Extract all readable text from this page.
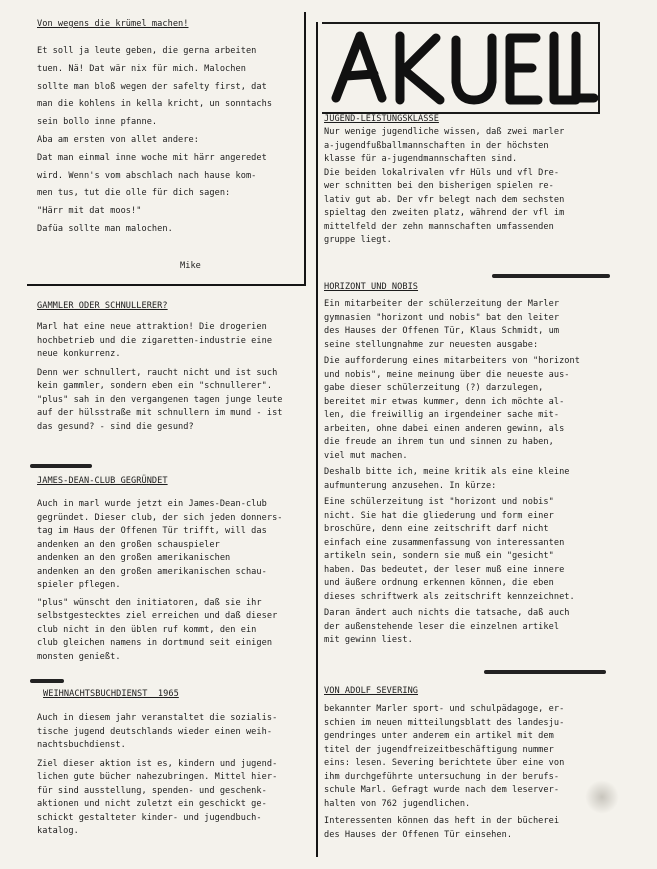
Von wegens die krümel machen!
Et soll ja leute geben, die gerna arbeiten
tuen. Nä! Dat wär nix für mich. Malochen
sollte man bloß wegen der safelty first, dat
man die kohlens in kella kricht, un sonntachs
sein bollo inne pfanne.
Aba am ersten von allet andere:
Dat man einmal inne woche mit härr angeredet
wird. Wenn's vom abschlach nach hause kom-
men tus, tut die olle für dich sagen:
"Härr mit dat moos!"
Dafüa sollte man malochen.
Mike
GAMMLER ODER SCHNULLERER?
Marl hat eine neue attraktion! Die drogerien
hochbetrieb und die zigaretten-industrie eine
neue konkurrenz.
Denn wer schnullert, raucht nicht und ist such
kein gammler, sondern eben ein "schnullerer".
"plus" sah in den vergangenen tagen junge leute
auf der hülsstraße mit schnullern im mund - ist
das gesund? - sind die gesund?
JAMES-DEAN-CLUB GEGRÜNDET
Auch in marl wurde jetzt ein James-Dean-club
gegründet. Dieser club, der sich jeden donners-
tag im Haus der Offenen Tür trifft, will das
andenken an den großen schauspieler
andenken an den großen amerikanischen
andenken an den großen amerikanischen schau-
spieler pflegen.
"plus" wünscht den initiatoren, daß sie ihr
selbstgestecktes ziel erreichen und daß dieser
club nicht in den üblen ruf kommt, den ein
club gleichen namens in dortmund seit einigen
monsten genießt.
WEIHNACHTSBUCHDIENST  1965
Auch in diesem jahr veranstaltet die sozialis-
tische jugend deutschlands wieder einen weih-
nachtsbuchdienst.
Ziel dieser aktion ist es, kindern und jugend-
lichen gute bücher nahezubringen. Mittel hier-
für sind ausstellung, spenden- und geschenk-
aktionen und nicht zuletzt ein geschickt ge-
schickt gestalteter kinder- und jugendbuch-
katalog.
JUGEND-LEISTUNGSKLASSE
Nur wenige jugendliche wissen, daß zwei marler
a-jugendfußballmannschaften in der höchsten
klasse für a-jugendmannschaften sind.
Die beiden lokalrivalen vfr Hüls und vfl Dre-
wer schnitten bei den bisherigen spielen re-
lativ gut ab. Der vfr belegt nach dem sechsten
spieltag den zweiten platz, während der vfl im
mittelfeld der zehn mannschaften umfassenden
gruppe liegt.
HORIZONT UND NOBIS
Ein mitarbeiter der schülerzeitung der Marler
gymnasien "horizont und nobis" bat den leiter
des Hauses der Offenen Tür, Klaus Schmidt, um
seine stellungnahme zur neuesten ausgabe:
Die aufforderung eines mitarbeiters von "horizont
und nobis", meine meinung über die neueste aus-
gabe dieser schülerzeitung (?) darzulegen,
bereitet mir etwas kummer, denn ich möchte al-
len, die freiwillig an irgendeiner sache mit-
arbeiten, ohne dabei einen anderen gewinn, als
die freude an ihrem tun und sinnen zu haben,
viel mut machen.
Deshalb bitte ich, meine kritik als eine kleine
aufmunterung anzusehen. In kürze:
Eine schülerzeitung ist "horizont und nobis"
nicht. Sie hat die gliederung und form einer
broschüre, denn eine zeitschrift darf nicht
einfach eine zusammenfassung von interessanten
artikeln sein, sondern sie muß ein "gesicht"
haben. Das bedeutet, der leser muß eine innere
und äußere ordnung erkennen können, die eben
dieses schriftwerk als zeitschrift kennzeichnet.
Daran ändert auch nichts die tatsache, daß auch
der außenstehende leser die einzelnen artikel
mit gewinn liest.
VON ADOLF SEVERING
bekannter Marler sport- und schulpädagoge, er-
schien im neuen mitteilungsblatt des landesju-
gendringes unter anderem ein artikel mit dem
titel der jugendfreizeitbeschäftigung nummer
eins: lesen. Severing berichtete über eine von
ihm durchgeführte untersuchung in der berufs-
schule Marl. Gefragt wurde nach dem leserver-
halten von 762 jugendlichen.
Interessenten können das heft in der bücherei
des Hauses der Offenen Tür einsehen.
